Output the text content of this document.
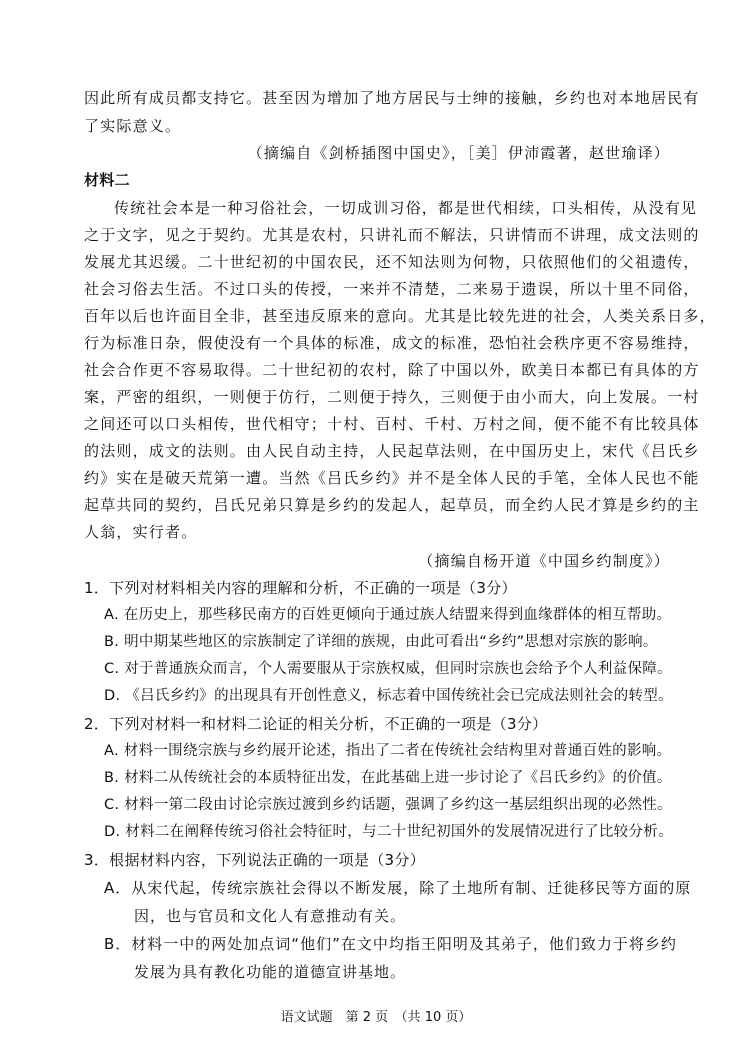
因此所有成员都支持它。甚至因为增加了地方居民与士绅的接触，乡约也对本地居民有
了实际意义。
（摘编自《剑桥插图中国史》，［美］伊沛霞著，赵世瑜译）
材料二
传统社会本是一种习俗社会，一切成训习俗，都是世代相续，口头相传，从没有见
之于文字，见之于契约。尤其是农村，只讲礼而不解法，只讲情而不讲理，成文法则的
发展尤其迟缓。二十世纪初的中国农民，还不知法则为何物，只依照他们的父祖遗传，
社会习俗去生活。不过口头的传授，一来并不清楚，二来易于遗误，所以十里不同俗，
百年以后也许面目全非，甚至违反原来的意向。尤其是比较先进的社会，人类关系日多，
行为标准日杂，假使没有一个具体的标准，成文的标准，恐怕社会秩序更不容易维持，
社会合作更不容易取得。二十世纪初的农村，除了中国以外，欧美日本都已有具体的方
案，严密的组织，一则便于仿行，二则便于持久，三则便于由小而大，向上发展。一村
之间还可以口头相传，世代相守；十村、百村、千村、万村之间，便不能不有比较具体
的法则，成文的法则。由人民自动主持，人民起草法则，在中国历史上，宋代《吕氏乡
约》实在是破天荒第一遭。当然《吕氏乡约》并不是全体人民的手笔，全体人民也不能
起草共同的契约，吕氏兄弟只算是乡约的发起人，起草员，而全约人民才算是乡约的主
人翁，实行者。
（摘编自杨开道《中国乡约制度》）
1．下列对材料相关内容的理解和分析，不正确的一项是（3分）
A. 在历史上，那些移民南方的百姓更倾向于通过族人结盟来得到血缘群体的相互帮助。
B. 明中期某些地区的宗族制定了详细的族规，由此可看出“乡约”思想对宗族的影响。
C. 对于普通族众而言，个人需要服从于宗族权威，但同时宗族也会给予个人利益保障。
D. 《吕氏乡约》的出现具有开创性意义，标志着中国传统社会已完成法则社会的转型。
2．下列对材料一和材料二论证的相关分析，不正确的一项是（3分）
A. 材料一围绕宗族与乡约展开论述，指出了二者在传统社会结构里对普通百姓的影响。
B. 材料二从传统社会的本质特征出发，在此基础上进一步讨论了《吕氏乡约》的价值。
C. 材料一第二段由讨论宗族过渡到乡约话题，强调了乡约这一基层组织出现的必然性。
D. 材料二在阐释传统习俗社会特征时，与二十世纪初国外的发展情况进行了比较分析。
3．根据材料内容，下列说法正确的一项是（3分）
A．从宋代起，传统宗族社会得以不断发展，除了土地所有制、迁徙移民等方面的原
因，也与官员和文化人有意推动有关。
B．材料一中的两处加点词“他们”在文中均指王阳明及其弟子，他们致力于将乡约
发展为具有教化功能的道德宣讲基地。
语文试题　第 2 页　（共 10 页）
